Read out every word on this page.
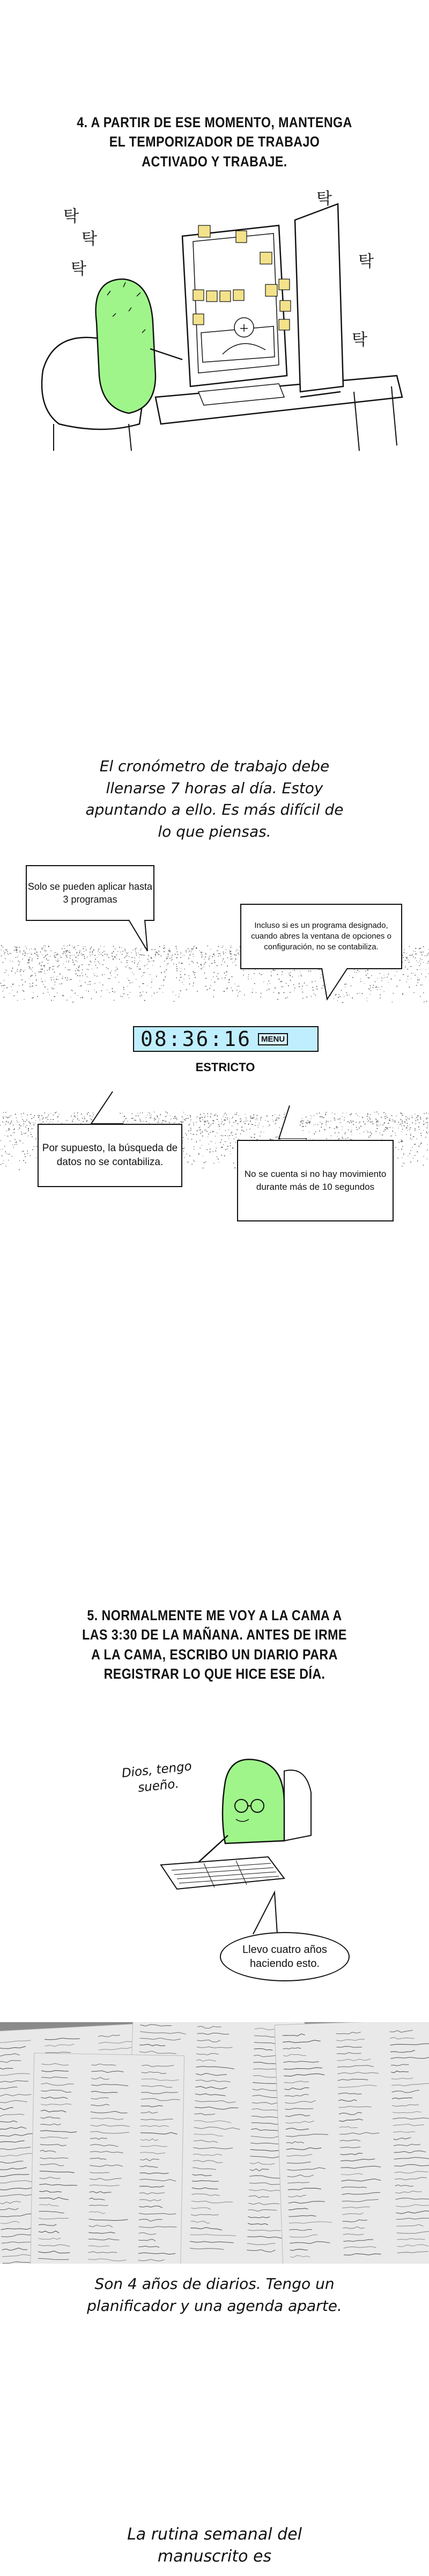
4. A PARTIR DE ESE MOMENTO, MANTENGA EL TEMPORIZADOR DE TRABAJO ACTIVADO Y TRABAJE.
탁
탁
탁
탁
탁
탁
El cronómetro de trabajo debe llenarse 7 horas al día. Estoy apuntando a ello. Es más difícil de lo que piensas.
Solo se pueden aplicar hasta 3 programas
Incluso si es un programa designado, cuando abres la ventana de opciones o configuración, no se contabiliza.
08:36:16	MENU
ESTRICTO
Por supuesto, la búsqueda de datos no se contabiliza.
No se cuenta si no hay movimiento durante más de 10 segundos
5. NORMALMENTE ME VOY A LA CAMA A LAS 3:30 DE LA MAÑANA. ANTES DE IRME A LA CAMA, ESCRIBO UN DIARIO PARA REGISTRAR LO QUE HICE ESE DÍA.
Dios, tengo sueño.
Llevo cuatro años haciendo esto.
Son 4 años de diarios. Tengo un planificador y una agenda aparte.
La rutina semanal del manuscrito es
